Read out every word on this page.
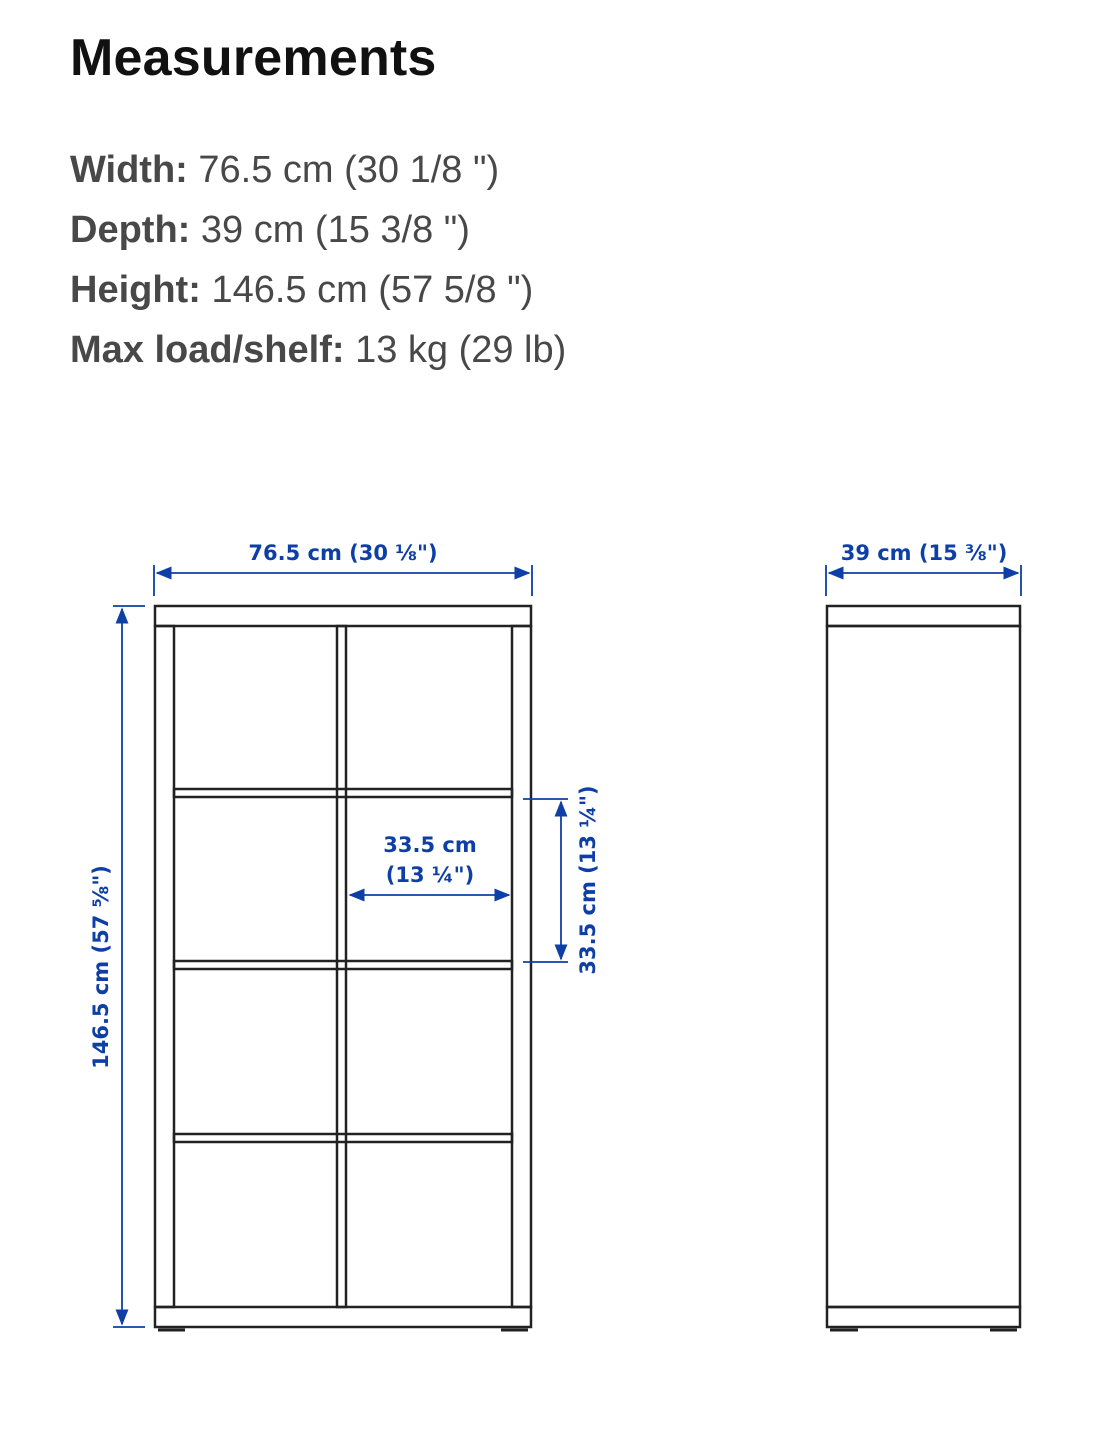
Measurements
Width: 76.5 cm (30 1/8 ")
Depth: 39 cm (15 3/8 ")
Height: 146.5 cm (57 5/8 ")
Max load/shelf: 13 kg (29 lb)
76.5 cm (30 ⅛")
146.5 cm (57 ⅝")
33.5 cm
(13 ¼")	33.5 cm (13 ¼")
39 cm (15 ⅜")
